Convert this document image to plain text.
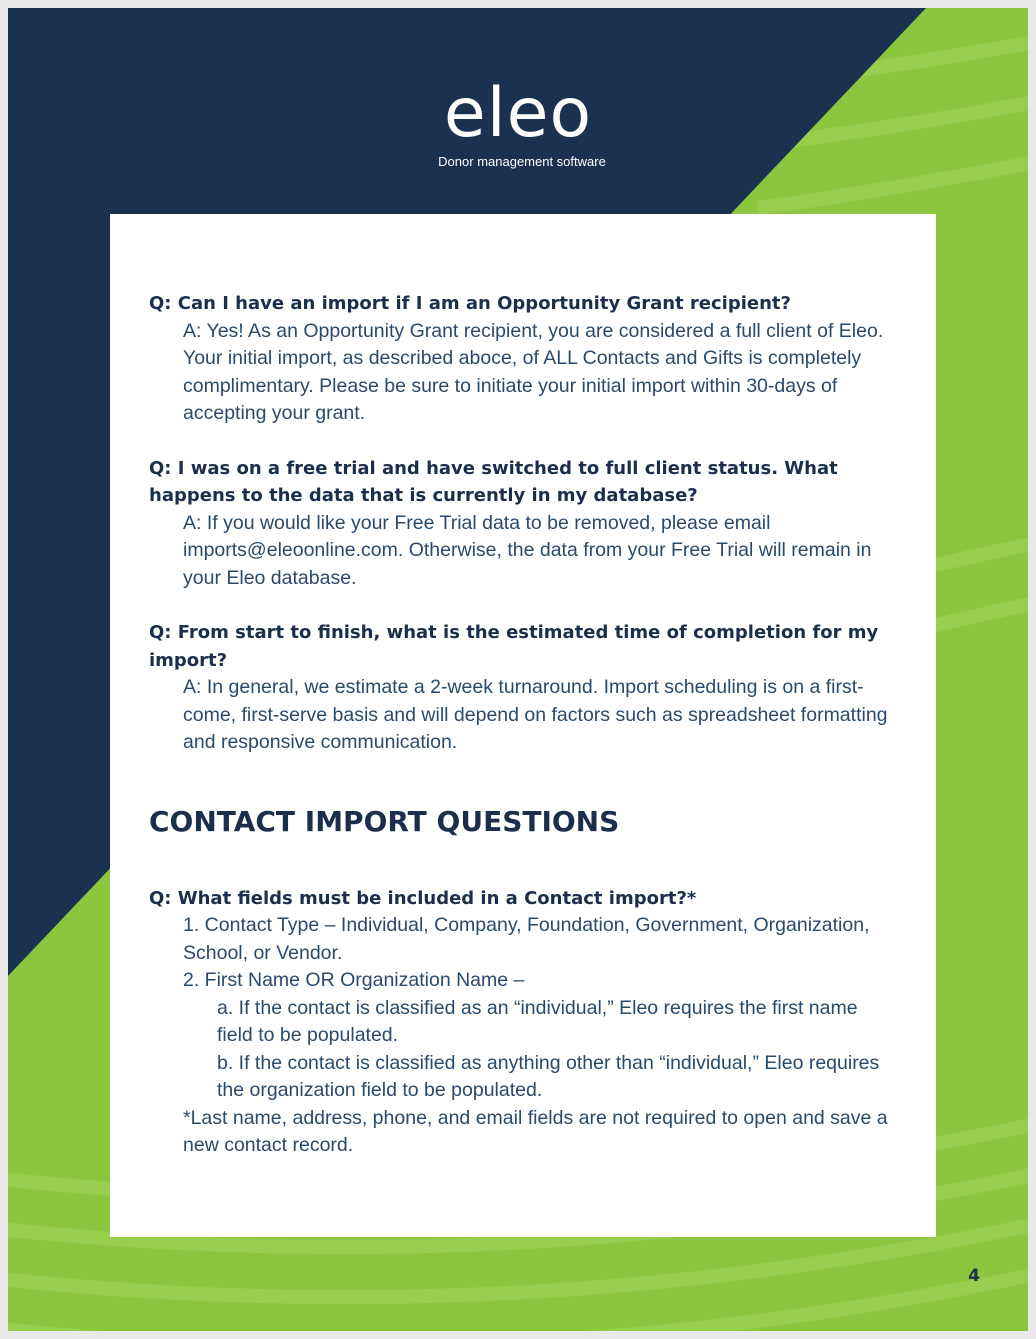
eleo
Donor management software
Q: Can I have an import if I am an Opportunity Grant recipient?
A: Yes! As an Opportunity Grant recipient, you are considered a full client of Eleo. Your initial import, as described aboce, of ALL Contacts and Gifts is completely complimentary. Please be sure to initiate your initial import within 30-days of accepting your grant.
Q: I was on a free trial and have switched to full client status. What happens to the data that is currently in my database?
A: If you would like your Free Trial data to be removed, please email imports@eleoonline.com. Otherwise, the data from your Free Trial will remain in your Eleo database.
Q: From start to finish, what is the estimated time of completion for my import?
A: In general, we estimate a 2-week turnaround. Import scheduling is on a first-come, first-serve basis and will depend on factors such as spreadsheet formatting and responsive communication.
CONTACT IMPORT QUESTIONS
Q: What fields must be included in a Contact import?*

1. Contact Type – Individual, Company, Foundation, Government, Organization, School, or Vendor.

2. First Name OR Organization Name –

a. If the contact is classified as an “individual,” Eleo requires the first name field to be populated.

b. If the contact is classified as anything other than “individual,” Eleo requires the organization field to be populated.

*Last name, address, phone, and email fields are not required to open and save a new contact record.

4
